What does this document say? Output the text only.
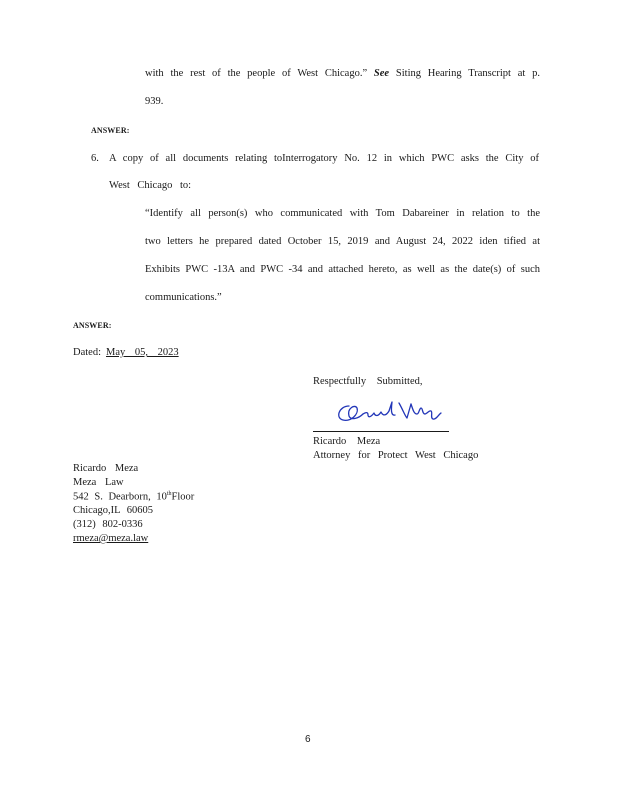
with the rest of the people of West Chicago.” See Siting Hearing Transcript at p.
939.
ANSWER:
6. A copy of all documents relating toInterrogatory No. 12 in which PWC asks the City of
West Chicago to:
“Identify all person(s) who communicated with Tom Dabareiner in relation to the
two letters he prepared dated October 15, 2019 and August 24, 2022 iden tified at
Exhibits PWC -13A and PWC -34 and attached hereto, as well as the date(s) of such
communications.”
ANSWER:
Dated: May 05, 2023
Respectfully Submitted,
Ricardo Meza
Attorney for Protect West Chicago
Ricardo Meza
Meza Law
542 S. Dearborn, 10thFloor
Chicago,IL 60605
(312) 802-0336
rmeza@meza.law
6
